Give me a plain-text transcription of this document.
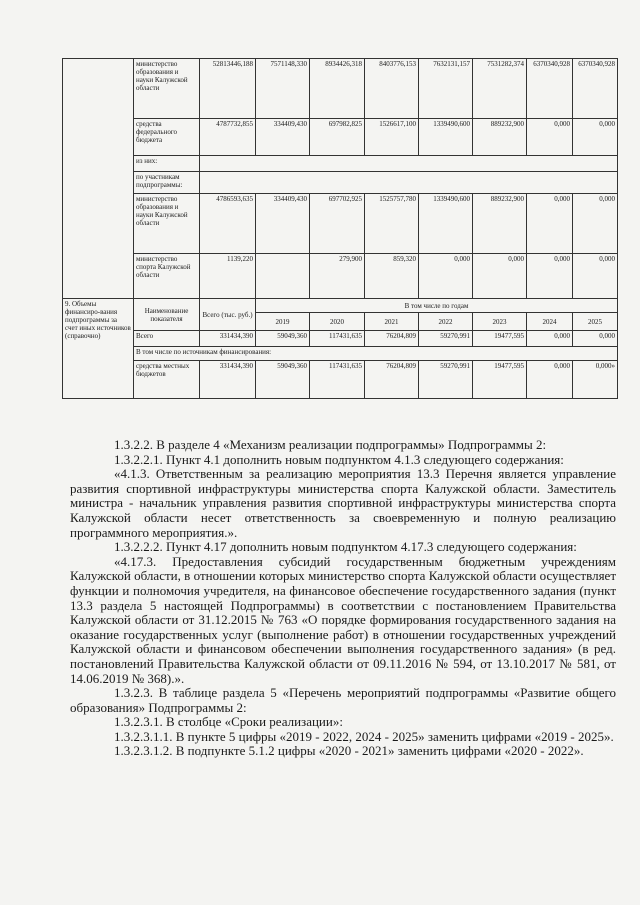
	министерство образования и науки Калужской области	52813446,188	7571148,330	8934426,318	8403776,153	7632131,157	7531282,374	6370340,928	6370340,928
	средства федерального бюджета	4787732,855	334409,430	697982,825	1526617,100	1339490,600	889232,900	0,000	0,000
	из них:								
	по участникам подпрограммы:								
	министерство образования и науки Калужской области	4786593,635	334409,430	697702,925	1525757,780	1339490,600	889232,900	0,000	0,000
	министерство спорта Калужской области	1139,220		279,900	859,320	0,000	0,000	0,000	0,000
9. Объемы финансиро-вания подпрограммы за счет иных источников (справочно)	Наименование показателя	Всего (тыс. руб.)	В том числе по годам						
			2019	2020	2021	2022	2023	2024	2025
	Всего	331434,390	59049,360	117431,635	76204,809	59270,991	19477,595	0,000	0,000
	В том числе по источникам финансирования:								
	средства местных бюджетов	331434,390	59049,360	117431,635	76204,809	59270,991	19477,595	0,000	0,000»

1.3.2.2. В разделе 4 «Механизм реализации подпрограммы» Подпрограммы 2:

1.3.2.2.1. Пункт 4.1 дополнить новым подпунктом 4.1.3 следующего содержания:

«4.1.3. Ответственным за реализацию мероприятия 13.3 Перечня является управление развития спортивной инфраструктуры министерства спорта Калужской области. Заместитель министра - начальник управления развития спортивной инфраструктуры министерства спорта Калужской области несет ответственность за своевременную и полную реализацию программного мероприятия.».

1.3.2.2.2. Пункт 4.17 дополнить новым подпунктом 4.17.3 следующего содержания:

«4.17.3. Предоставления субсидий государственным бюджетным учреждениям Калужской области, в отношении которых министерство спорта Калужской области осуществляет функции и полномочия учредителя, на финансовое обеспечение государственного задания (пункт 13.3 раздела 5 настоящей Подпрограммы) в соответствии с постановлением Правительства Калужской области от 31.12.2015 № 763 «О порядке формирования государственного задания на оказание государственных услуг (выполнение работ) в отношении государственных учреждений Калужской области и финансовом обеспечении выполнения государственного задания» (в ред. постановлений Правительства Калужской области от 09.11.2016 № 594, от 13.10.2017 № 581, от 14.06.2019 № 368).».

1.3.2.3. В таблице раздела 5 «Перечень мероприятий подпрограммы «Развитие общего образования» Подпрограммы 2:

1.3.2.3.1. В столбце «Сроки реализации»:

1.3.2.3.1.1. В пункте 5 цифры «2019 - 2022, 2024 - 2025» заменить цифрами «2019 - 2025».

1.3.2.3.1.2. В подпункте 5.1.2 цифры «2020 - 2021» заменить цифрами «2020 - 2022».
